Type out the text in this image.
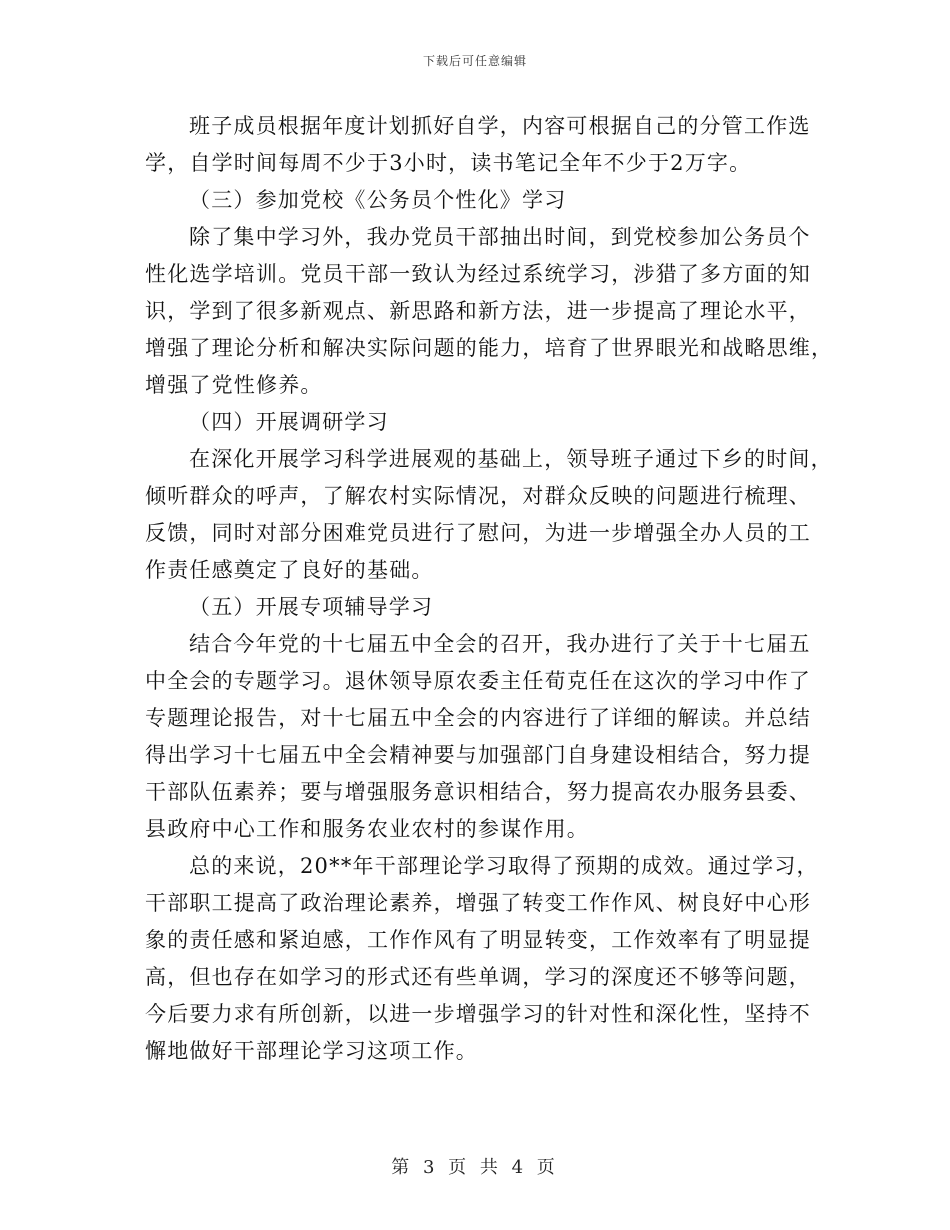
下载后可任意编辑
班子成员根据年度计划抓好自学，内容可根据自己的分管工作选
学，自学时间每周不少于3小时，读书笔记全年不少于2万字。
（三）参加党校《公务员个性化》学习
除了集中学习外，我办党员干部抽出时间，到党校参加公务员个
性化选学培训。党员干部一致认为经过系统学习，涉猎了多方面的知
识，学到了很多新观点、新思路和新方法，进一步提高了理论水平，
增强了理论分析和解决实际问题的能力，培育了世界眼光和战略思维，
增强了党性修养。
（四）开展调研学习
在深化开展学习科学进展观的基础上，领导班子通过下乡的时间，
倾听群众的呼声，了解农村实际情况，对群众反映的问题进行梳理、
反馈，同时对部分困难党员进行了慰问，为进一步增强全办人员的工
作责任感奠定了良好的基础。
（五）开展专项辅导学习
结合今年党的十七届五中全会的召开，我办进行了关于十七届五
中全会的专题学习。退休领导原农委主任荀克任在这次的学习中作了
专题理论报告，对十七届五中全会的内容进行了详细的解读。并总结
得出学习十七届五中全会精神要与加强部门自身建设相结合，努力提
干部队伍素养；要与增强服务意识相结合，努力提高农办服务县委、
县政府中心工作和服务农业农村的参谋作用。
总的来说，20**年干部理论学习取得了预期的成效。通过学习，
干部职工提高了政治理论素养，增强了转变工作作风、树良好中心形
象的责任感和紧迫感，工作作风有了明显转变，工作效率有了明显提
高，但也存在如学习的形式还有些单调，学习的深度还不够等问题，
今后要力求有所创新，以进一步增强学习的针对性和深化性，坚持不
懈地做好干部理论学习这项工作。
第 3 页 共 4 页
